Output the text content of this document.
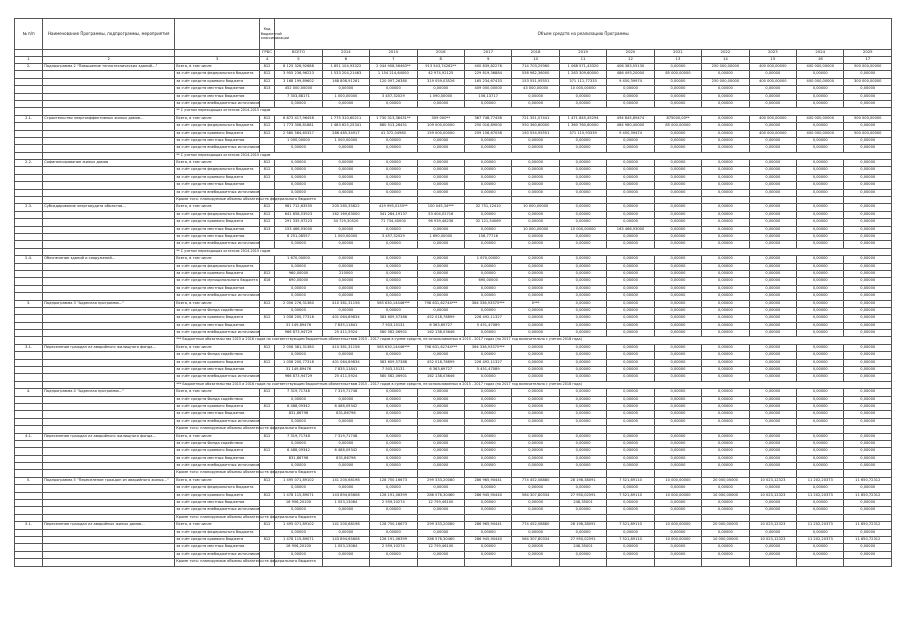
№ п/п	Наименование Программы, подпрограммы, мероприятия		Код бюджетной классификации	Объем средств на реализацию Программы												
			ГРБС	ВСЕГО	2014	2015	2016	2017	2018	2019	2020	2021	2022	2023	2024	2025
1	2	3	4	5	6	7	8	9	10	11	12	13	14	15	16	17
2.	Подпрограмма 2 "Повышение теплотехнических зданий…"	Всего, в том числе	812	8 125 326,92688	1 851 104,93322	2 044 908,56463**	913 543,74262**	400 839,82276	714 703,29360	1 068 571,43320	406 383,55130	0,00000	250 000,00000	400 000,00000	400 000,00000	500 000,00000
		за счёт средств федерального бюджета	812	3 955 236,96223	1 533 204,21463	1 154 214,64000	42 974,92125	229 819,36884	558 982,36000	1 263 309,60000	486 493,20000	85 000,00000	0,00000	0,00000	0,00000	0,00000
		за счёт средств краевого бюджета	812	3 168 199,89602	168 808,91261	120 097,26380	319 059,03526	165 234,67433	153 551,95551	371 111,77333	9 450,39974	0,00000	250 000,00000	400 000,00000	400 000,00000	300 000,00000
		за счёт средств местных бюджетов	813	452 000,00000	0,00000	0,00000	0,00000	409 000,00000	43 000,00000	10 000,00000	0,00000	0,00000	0,00000	0,00000	0,00000	0,00000
		за счёт средств местных бюджетов		7 303,88171	1 000,00000	3 457,32029	1 090,00000	156,13717	0,00000	0,00000	0,00000	0,00000	0,00000	0,00000	0,00000	0,00000
		за счёт средств внебюджетных источников		0,00000	0,00000	0,00000	0,00000	0,00000	0,00000	0,00000	0,00000	0,00000	0,00000	0,00000	0,00000	0,00000
		** С учетом переходящих остатков 2014-2015 годов														
2.1.	Строительство энергоэффективных жилых домов…	Всего, в том числе	812	6 873 417,96458	1 775 310,60211	1 730 313,36431**	309 000**	367 748,77458	721 351,07441	1 471 845,45294	494 845,89474	875000,00**	0,00000	400 000,00000	400 000,00000	500 000,00000
		за счёт средств федерального бюджета	812	1 773 308,81881	1 483 625,25341	680 513,26451	109 000,00000	250 016,89000	550 360,80000	1 360 760,60000	484 980,40000	85 000,00000	0,00000	0,00000	0,00000	0,00000
		за счёт средств краевого бюджета	812	2 580 564,65327	286 485,34917	41 372,04980	159 000,00000	259 158,67058	150 554,95551	371 115,93339	9 450,39474	0,00000	0,00000	400 000,00000	400 000,00000	500 000,00000
		за счёт средств местных бюджетов		1 000,00000	1 000,00000	0,00000	0,00000	0,00000	0,00000	0,00000	0,00000	0,00000	0,00000	0,00000	0,00000	0,00000
		за счёт средств внебюджетных источников		0,00000	0,00000	0,00000	0,00000	0,00000	0,00000	0,00000	0,00000	0,00000	0,00000	0,00000	0,00000	0,00000
		** С учетом переходящих остатков 2014-2015 годов														
2.2.	Софинансирование жилых домов	Всего, в том числе	812	0,00000	0,00000	0,00000	0,00000	0,00000	0,00000	0,00000	0,00000	0,00000	0,00000	0,00000	0,00000	0,00000
		за счёт средств федерального бюджета	812	0,00000	0,00000	0,00000	0,00000	0,00000	0,00000	0,00000	0,00000	0,00000	0,00000	0,00000	0,00000	0,00000
		за счёт средств краевого бюджета	812	0,00000	0,00000	0,00000	0,00000	0,00000	0,00000	0,00000	0,00000	0,00000	0,00000	0,00000	0,00000	0,00000
		за счёт средств местных бюджетов		0,00000	0,00000	0,00000	0,00000	0,00000	0,00000	0,00000	0,00000	0,00000	0,00000	0,00000	0,00000	0,00000
		за счёт средств внебюджетных источников		0,00000	0,00000	0,00000	0,00000	0,00000	0,00000	0,00000	0,00000	0,00000	0,00000	0,00000	0,00000	0,00000
		Кроме того: планируемые объемы обязательств федерального бюджета														
2.3.	Субсидирование энергоаудита объектов…	Всего, в том числе	812	981 712,63555	205 285,35822	419 995,0155**	100 045,34***	32 751,12410	10 000,00000	0,00000	0,00000	0,00000	0,00000	0,00000	0,00000	0,00000
		за счёт средств федерального бюджета	812	641 658,53923	162 169,63000	341 284,19137	53 404,02716	0,00000	0,00000	0,00000	0,00000	0,00000	0,00000	0,00000	0,00000	0,00000
		за счёт средств краевого бюджета	812	291 335,97223	34 729,30520	71 734,40000	96 939,48236	32 121,54069	0,00000	0,00000	0,00000	0,00000	0,00000	0,00000	0,00000	0,00000
		за счёт средств местных бюджетов	813	153 466,93000	0,00000	0,00000	0,00000	0,00000	10 000,00000	10 000,00000	163 466,93000	0,00000	0,00000	0,00000	0,00000	0,00000
		за счёт средств местных бюджетов		6 251,08557	1 000,00000	3 457,32029	1 690,00000	156,77716	0,00000	0,00000	0,00000	0,00000	0,00000	0,00000	0,00000	0,00000
		за счёт средств внебюджетных источников		0,00000	0,00000	0,00000	0,00000	0,00000	0,00000	0,00000	0,00000	0,00000	0,00000	0,00000	0,00000	0,00000
		** С учетом переходящих остатков 2014-2015 годов														
2.4.	Обеспечение зданий и сооружений…	Всего, в том числе		1 670,00000	0,00000	0,00000	0,00000	1 670,00000	0,00000	0,00000	0,00000	0,00000	0,00000	0,00000	0,00000	0,00000
		за счёт средств федерального бюджета		0,00000	0,00000	0,00000	0,00000	0,00000	0,00000	0,00000	0,00000	0,00000	0,00000	0,00000	0,00000	0,00000
		за счёт средств краевого бюджета	812	960,00000	210000	0,00000	0,00000	0,00000	0,00000	0,00000	0,00000	0,00000	0,00000	0,00000	0,00000	0,00000
		за счёт средств муниципального бюджета	816	690,00000	0,00000	0,00000	0,00000	690,00000	0,00000	0,00000	0,00000	0,00000	0,00000	0,00000	0,00000	0,00000
		за счёт средств местных бюджетов		0,00000	0,00000	0,00000	0,00000	0,00000	0,00000	0,00000	0,00000	0,00000	0,00000	0,00000	0,00000	0,00000
		за счёт средств внебюджетных источников		0,00000	0,00000	0,00000	0,00000	0,00000	0,00000	0,00000	0,00000	0,00000	0,00000	0,00000	0,00000	0,00000
3.	Подпрограмма 3 "Адресная программа…"	Всего, в том числе	812	2 056 276,31380	410 381,31156	565 630,14446***	798 631,62744***	364 336,93375***	0***	0,00000	0,00000	0,00000	0,00000	0,00000	0,00000	0,00000
		за счёт средств Фонда содействия		0,00000	0,00000	0,00000	0,00000	0,00000	0,00000	0,00000	0,00000	0,00000	0,00000	0,00000	0,00000	0,00000
		за счёт средств краевого бюджета	812	1 058 200,77318	401 064,89834	383 609,57388	452 018,78899	226 492,11327	0,00000	0,00000	0,00000	0,00000	0,00000	0,00000	0,00000	0,00000
		за счёт средств местных бюджетов		31 149,89476	7 835,11841	7 503,15131	6 363,69727	5 451,47089	0,00000	0,00000	0,00000	0,00000	0,00000	0,00000	0,00000	0,00000
		за счёт средств внебюджетных источников		966 873,94729	25 411,5924	580 582,06901	162 138,03646	0,00000	0,00000	0,00000	0,00000	0,00000	0,00000	0,00000	0,00000	0,00000
		*** Бюджетные обязательства 2015 и 2016 годов по соответствующим бюджетным обязательствам 2015 - 2017 годов в сумме средств, не использованных в 2015 - 2017 годах (по 2017 год включительно с учетом 2018 года)														
3.1.	Переселение граждан из аварийного жилищного фонда…	Всего, в том числе	812	2 056 381,31380	410 381,31156	565 630,14446***	798 631,62744***	364 336,93375***	0,00000	0,00000	0,00000	0,00000	0,00000	0,00000	0,00000	0,00000
		за счёт средств Фонда содействия		0,00000	0,00000	0,00000	0,00000	0,00000	0,00000	0,00000	0,00000	0,00000	0,00000	0,00000	0,00000	0,00000
		за счёт средств краевого бюджета	812	1 058 200,77318	401 064,89834	383 609,57388	452 018,78899	226 492,11327	0,00000	0,00000	0,00000	0,00000	0,00000	0,00000	0,00000	0,00000
		за счёт средств местных бюджетов		31 149,89476	7 835,11841	7 503,15131	6 363,69727	5 451,47089	0,00000	0,00000	0,00000	0,00000	0,00000	0,00000	0,00000	0,00000
		за счёт средств внебюджетных источников		966 873,94729	25 411,5924	580 582,06901	162 138,03646	0,00000	0,00000	0,00000	0,00000	0,00000	0,00000	0,00000	0,00000	0,00000
		*** Бюджетные обязательства 2015 и 2016 годов по соответствующим бюджетным обязательствам 2015 - 2017 годов в сумме средств, не использованных в 2015 - 2017 годах (по 2017 год включительно с учетом 2018 года)														
4.	Подпрограмма 4 "Адресная программа…"	Всего, в том числе	812	7 319,71748	7 319,71748	0,00000	0,00000	0,00000	0,00000	0,00000	0,00000	0,00000	0,00000	0,00000	0,00000	0,00000
		за счёт средств Фонда содействия		0,00000	0,00000	0,00000	0,00000	0,00000	0,00000	0,00000	0,00000	0,00000	0,00000	0,00000	0,00000	0,00000
		за счёт средств краевого бюджета	812	6 488,09342	6 488,09342	0,00000	0,00000	0,00000	0,00000	0,00000	0,00000	0,00000	0,00000	0,00000	0,00000	0,00000
		за счёт средств местных бюджетов		831,86798	831,86798	0,00000	0,00000	0,00000	0,00000	0,00000	0,00000	0,00000	0,00000	0,00000	0,00000	0,00000
		за счёт средств внебюджетных источников		0,00000	0,00000	0,00000	0,00000	0,00000	0,00000	0,00000	0,00000	0,00000	0,00000	0,00000	0,00000	0,00000
		Кроме того: планируемые объемы обязательств федерального бюджета														
4.1.	Переселение граждан из аварийного жилищного фонда…	Всего, в том числе	812	7 319,71748	7 319,71748	0,00000	0,00000	0,00000	0,00000	0,00000	0,00000	0,00000	0,00000	0,00000	0,00000	0,00000
		за счёт средств Фонда содействия		0,00000	0,00000	0,00000	0,00000	0,00000	0,00000	0,00000	0,00000	0,00000	0,00000	0,00000	0,00000	0,00000
		за счёт средств краевого бюджета	812	6 488,09342	6 488,09342	0,00000	0,00000	0,00000	0,00000	0,00000	0,00000	0,00000	0,00000	0,00000	0,00000	0,00000
		за счёт средств местных бюджетов		831,86798	831,86798	0,00000	0,00000	0,00000	0,00000	0,00000	0,00000	0,00000	0,00000	0,00000	0,00000	0,00000
		за счёт средств внебюджетных источников		0,00000	0,00000	0,00000	0,00000	0,00000	0,00000	0,00000	0,00000	0,00000	0,00000	0,00000	0,00000	0,00000
		Кроме того: планируемые объемы обязательств федерального бюджета														
5.	Подпрограмма 5 "Переселение граждан из аварийного жилья…"	Всего, в том числе	812	1 495 071,89102	141 200,68198	128 750,16673	299 333,20080	286 965,90441	774 452,08880	28 198,38091	7 521,89110	10 000,00000	20 000,00000	10 023,12323	11 202,20373	11 650,72312
		за счёт средств федерального бюджета		0,00000	0,00000	0,00000	0,00000	0,00000	0,00000	0,00000	0,00000	0,00000	0,00000	0,00000	0,00000	0,00000
		за счёт средств краевого бюджета	812	1 478 115,89071	143 894,65608	126 191,06399	286 576,30460	286 945,90440	564 307,80334	27 950,02591	7 521,89110	10 000,00000	10 000,00000	10 023,12323	11 202,20373	11 650,72312
		за счёт средств местных бюджетов		16 956,20100	1 053,13084	2 559,10274	12 759,46100	0,00000	0,00000	248,35001	0,00000	0,00000	0,00000	0,00000	0,00000	0,00000
		за счёт средств внебюджетных источников		0,00000	0,00000	0,00000	0,00000	0,00000	0,00000	0,00000	0,00000	0,00000	0,00000	0,00000	0,00000	0,00000
		Кроме того: планируемые объемы обязательств федерального бюджета														
5.1.	Переселение граждан из аварийных жилых домов…	Всего, в том числе	812	1 495 071,89102	141 200,68198	128 750,16673	299 333,20080	286 965,90441	774 452,08880	28 198,38091	7 521,89110	10 000,00000	20 000,00000	10 023,12323	11 202,20373	11 650,72312
		за счёт средств федерального бюджета		0,00000	0,00000	0,00000	0,00000	0,00000	0,00000	0,00000	0,00000	0,00000	0,00000	0,00000	0,00000	0,00000
		за счёт средств краевого бюджета	812	1 478 115,89071	143 894,65608	126 191,06399	286 576,30460	286 945,90440	564 307,80334	27 950,02591	7 521,89110	10 000,00000	10 000,00000	10 023,12323	11 202,20373	11 650,72312
		за счёт средств местных бюджетов		16 956,20100	1 053,13084	2 559,10274	12 759,46100	0,00000	0,00000	248,35001	0,00000	0,00000	0,00000	0,00000	0,00000	0,00000
		за счёт средств внебюджетных источников		0,00000	0,00000	0,00000	0,00000	0,00000	0,00000	0,00000	0,00000	0,00000	0,00000	0,00000	0,00000	0,00000
		Кроме того: планируемые объемы обязательств федерального бюджета														
